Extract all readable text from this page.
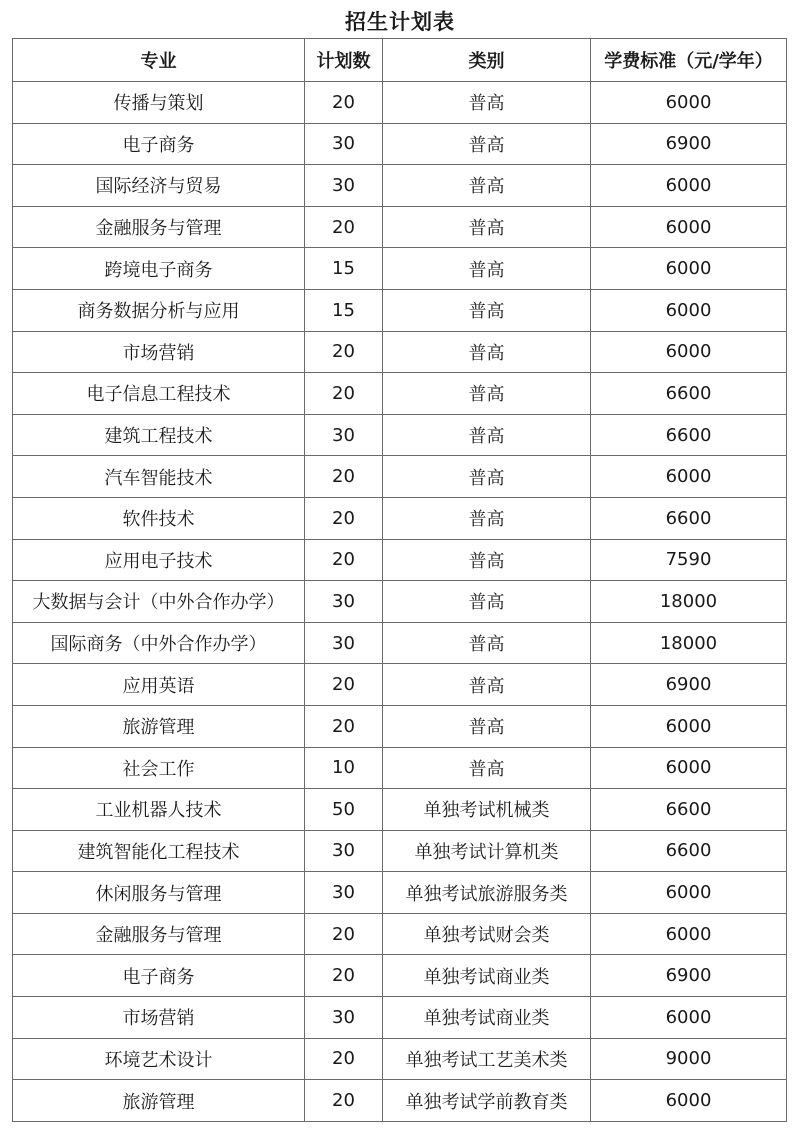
招生计划表
专业	计划数	类别	学费标准（元/学年）
传播与策划	20	普高	6000
电子商务	30	普高	6900
国际经济与贸易	30	普高	6000
金融服务与管理	20	普高	6000
跨境电子商务	15	普高	6000
商务数据分析与应用	15	普高	6000
市场营销	20	普高	6000
电子信息工程技术	20	普高	6600
建筑工程技术	30	普高	6600
汽车智能技术	20	普高	6000
软件技术	20	普高	6600
应用电子技术	20	普高	7590
大数据与会计（中外合作办学）	30	普高	18000
国际商务（中外合作办学）	30	普高	18000
应用英语	20	普高	6900
旅游管理	20	普高	6000
社会工作	10	普高	6000
工业机器人技术	50	单独考试机械类	6600
建筑智能化工程技术	30	单独考试计算机类	6600
休闲服务与管理	30	单独考试旅游服务类	6000
金融服务与管理	20	单独考试财会类	6000
电子商务	20	单独考试商业类	6900
市场营销	30	单独考试商业类	6000
环境艺术设计	20	单独考试工艺美术类	9000
旅游管理	20	单独考试学前教育类	6000
